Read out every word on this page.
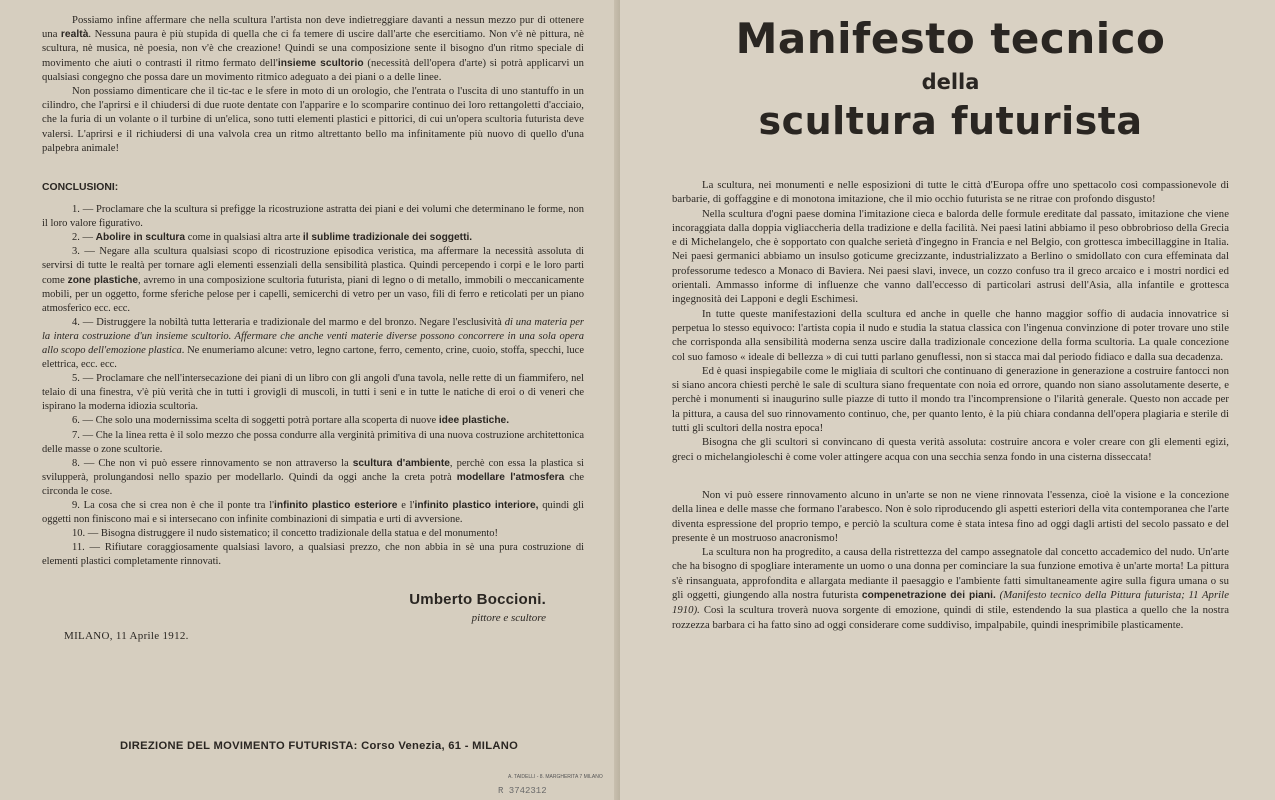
Possiamo infine affermare che nella scultura l'artista non deve indietreggiare davanti a nessun mezzo pur di ottenere una realtà. Nessuna paura è più stupida di quella che ci fa temere di uscire dall'arte che esercitiamo. Non v'è nè pittura, nè scultura, nè musica, nè poesia, non v'è che creazione! Quindi se una composizione sente il bisogno d'un ritmo speciale di movimento che aiuti o contrasti il ritmo fermato dell'insieme scultorio (necessità dell'opera d'arte) si potrà applicarvi un qualsiasi congegno che possa dare un movimento ritmico adeguato a dei piani o a delle linee.

Non possiamo dimenticare che il tic-tac e le sfere in moto di un orologio, che l'entrata o l'uscita di uno stantuffo in un cilindro, che l'aprirsi e il chiudersi di due ruote dentate con l'apparire e lo scomparire continuo dei loro rettangoletti d'acciaio, che la furia di un volante o il turbine di un'elica, sono tutti elementi plastici e pittorici, di cui un'opera scultoria futurista deve valersi. L'aprirsi e il richiudersi di una valvola crea un ritmo altrettanto bello ma infinitamente più nuovo di quello d'una palpebra animale!

CONCLUSIONI:

1. — Proclamare che la scultura si prefigge la ricostruzione astratta dei piani e dei volumi che determinano le forme, non il loro valore figurativo.

2. — Abolire in scultura come in qualsiasi altra arte il sublime tradizionale dei soggetti.

3. — Negare alla scultura qualsiasi scopo di ricostruzione episodica veristica, ma affermare la necessità assoluta di servirsi di tutte le realtà per tornare agli elementi essenziali della sensibilità plastica. Quindi percependo i corpi e le loro parti come zone plastiche, avremo in una composizione scultoria futurista, piani di legno o di metallo, immobili o meccanicamente mobili, per un oggetto, forme sferiche pelose per i capelli, semicerchi di vetro per un vaso, fili di ferro e reticolati per un piano atmosferico ecc. ecc.

4. — Distruggere la nobiltà tutta letteraria e tradizionale del marmo e del bronzo. Negare l'esclusività di una materia per la intera costruzione d'un insieme scultorio. Affermare che anche venti materie diverse possono concorrere in una sola opera allo scopo dell'emozione plastica. Ne enumeriamo alcune: vetro, legno cartone, ferro, cemento, crine, cuoio, stoffa, specchi, luce elettrica, ecc. ecc.

5. — Proclamare che nell'intersecazione dei piani di un libro con gli angoli d'una tavola, nelle rette di un fiammifero, nel telaio di una finestra, v'è più verità che in tutti i grovigli di muscoli, in tutti i seni e in tutte le natiche di eroi o di veneri che ispirano la moderna idiozia scultoria.

6. — Che solo una modernissima scelta di soggetti potrà portare alla scoperta di nuove idee plastiche.

7. — Che la linea retta è il solo mezzo che possa condurre alla verginità primitiva di una nuova costruzione architettonica delle masse o zone scultorie.

8. — Che non vi può essere rinnovamento se non attraverso la scultura d'ambiente, perchè con essa la plastica si svilupperà, prolungandosi nello spazio per modellarlo. Quindi da oggi anche la creta potrà modellare l'atmosfera che circonda le cose.

9. La cosa che si crea non è che il ponte tra l'infinito plastico esteriore e l'infinito plastico interiore, quindi gli oggetti non finiscono mai e si intersecano con infinite combinazioni di simpatia e urti di avversione.

10. — Bisogna distruggere il nudo sistematico; il concetto tradizionale della statua e del monumento!

11. — Rifiutare coraggiosamente qualsiasi lavoro, a qualsiasi prezzo, che non abbia in sè una pura costruzione di elementi plastici completamente rinnovati.

Umberto Boccioni.
pittore e scultore
MILANO, 11 Aprile 1912.
DIREZIONE DEL MOVIMENTO FUTURISTA: Corso Venezia, 61 - MILANO
A. TAIDELLI - 8. MARGHERITA 7 MILANO
R 3742312
Manifesto tecnico
della
scultura futurista

La scultura, nei monumenti e nelle esposizioni di tutte le città d'Europa offre uno spettacolo così compassionevole di barbarie, di goffaggine e di monotona imitazione, che il mio occhio futurista se ne ritrae con profondo disgusto!

Nella scultura d'ogni paese domina l'imitazione cieca e balorda delle formule ereditate dal passato, imitazione che viene incoraggiata dalla doppia vigliaccheria della tradizione e della facilità. Nei paesi latini abbiamo il peso obbrobrioso della Grecia e di Michelangelo, che è sopportato con qualche serietà d'ingegno in Francia e nel Belgio, con grottesca imbecillaggine in Italia. Nei paesi germanici abbiamo un insulso goticume grecizzante, industrializzato a Berlino o smidollato con cura effeminata dal professorume tedesco a Monaco di Baviera. Nei paesi slavi, invece, un cozzo confuso tra il greco arcaico e i mostri nordici ed orientali. Ammasso informe di influenze che vanno dall'eccesso di particolari astrusi dell'Asia, alla infantile e grottesca ingegnosità dei Lapponi e degli Eschimesi.

In tutte queste manifestazioni della scultura ed anche in quelle che hanno maggior soffio di audacia innovatrice si perpetua lo stesso equivoco: l'artista copia il nudo e studia la statua classica con l'ingenua convinzione di poter trovare uno stile che corrisponda alla sensibilità moderna senza uscire dalla tradizionale concezione della forma scultoria. La quale concezione col suo famoso « ideale di bellezza » di cui tutti parlano genuflessi, non si stacca mai dal periodo fidiaco e dalla sua decadenza.

Ed è quasi inspiegabile come le migliaia di scultori che continuano di generazione in generazione a costruire fantocci non si siano ancora chiesti perchè le sale di scultura siano frequentate con noia ed orrore, quando non siano assolutamente deserte, e perchè i monumenti si inaugurino sulle piazze di tutto il mondo tra l'incomprensione o l'ilarità generale. Questo non accade per la pittura, a causa del suo rinnovamento continuo, che, per quanto lento, è la più chiara condanna dell'opera plagiaria e sterile di tutti gli scultori della nostra epoca!

Bisogna che gli scultori si convincano di questa verità assoluta: costruire ancora e voler creare con gli elementi egizi, greci o michelangioleschi è come voler attingere acqua con una secchia senza fondo in una cisterna disseccata!

Non vi può essere rinnovamento alcuno in un'arte se non ne viene rinnovata l'essenza, cioè la visione e la concezione della linea e delle masse che formano l'arabesco. Non è solo riproducendo gli aspetti esteriori della vita contemporanea che l'arte diventa espressione del proprio tempo, e perciò la scultura come è stata intesa fino ad oggi dagli artisti del secolo passato e del presente è un mostruoso anacronismo!

La scultura non ha progredito, a causa della ristrettezza del campo assegnatole dal concetto accademico del nudo. Un'arte che ha bisogno di spogliare interamente un uomo o una donna per cominciare la sua funzione emotiva è un'arte morta! La pittura s'è rinsanguata, approfondita e allargata mediante il paesaggio e l'ambiente fatti simultaneamente agire sulla figura umana o su gli oggetti, giungendo alla nostra futurista compenetrazione dei piani. (Manifesto tecnico della Pittura futurista; 11 Aprile 1910). Così la scultura troverà nuova sorgente di emozione, quindi di stile, estendendo la sua plastica a quello che la nostra rozzezza barbara ci ha fatto sino ad oggi considerare come suddiviso, impalpabile, quindi inesprimibile plasticamente.
